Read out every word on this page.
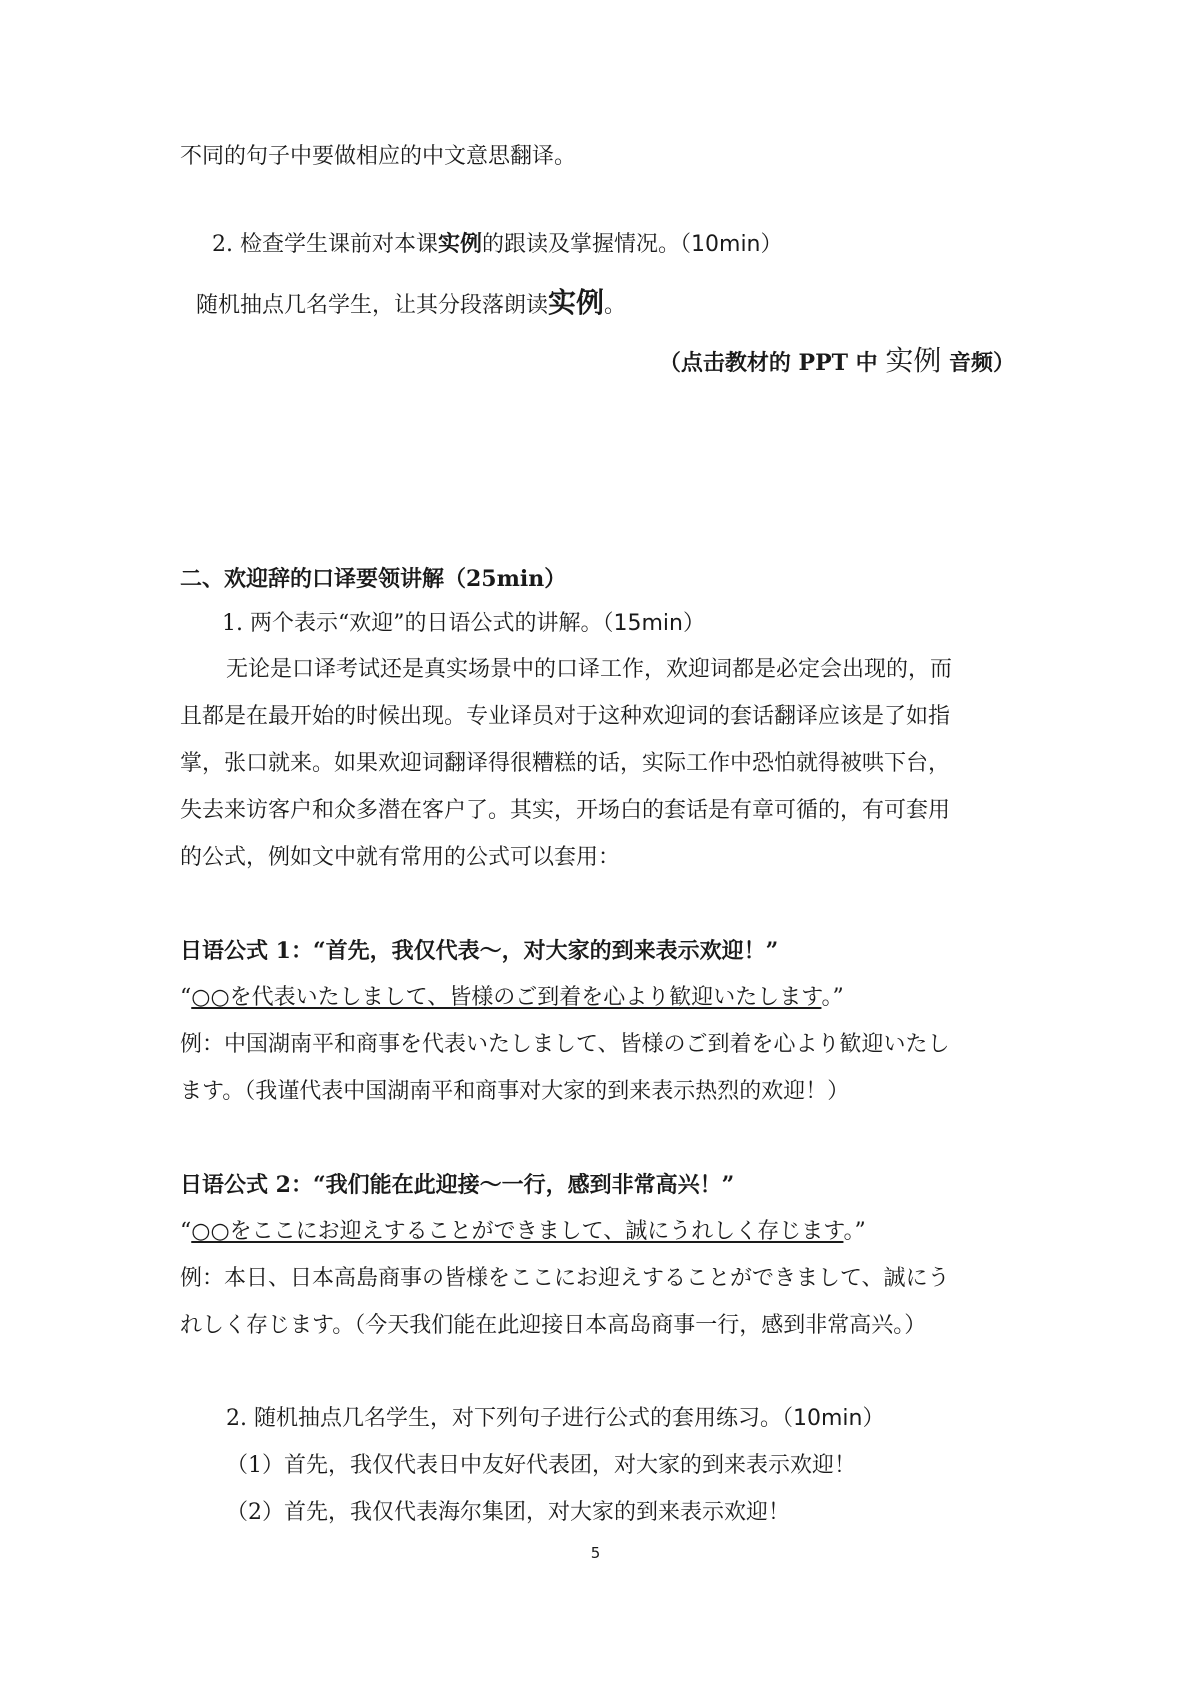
不同的句子中要做相应的中文意思翻译。
2. 检查学生课前对本课实例的跟读及掌握情况。（10min）
随机抽点几名学生，让其分段落朗读实例。
（点击教材的 PPT 中 实例 音频）
二、欢迎辞的口译要领讲解（25min）
1. 两个表示“欢迎”的日语公式的讲解。（15min）
无论是口译考试还是真实场景中的口译工作，欢迎词都是必定会出现的，而
且都是在最开始的时候出现。专业译员对于这种欢迎词的套话翻译应该是了如指
掌，张口就来。如果欢迎词翻译得很糟糕的话，实际工作中恐怕就得被哄下台，
失去来访客户和众多潜在客户了。其实，开场白的套话是有章可循的，有可套用
的公式，例如文中就有常用的公式可以套用：
日语公式 1：“首先，我仅代表～，对大家的到来表示欢迎！”
“○○を代表いたしまして、皆様のご到着を心より歓迎いたします。”
例：中国湖南平和商事を代表いたしまして、皆様のご到着を心より歓迎いたし
ます。（我谨代表中国湖南平和商事对大家的到来表示热烈的欢迎！）
日语公式 2：“我们能在此迎接～一行，感到非常高兴！”
“○○をここにお迎えすることができまして、誠にうれしく存じます。”
例：本日、日本高島商事の皆様をここにお迎えすることができまして、誠にう
れしく存じます。（今天我们能在此迎接日本高岛商事一行，感到非常高兴。）
2. 随机抽点几名学生，对下列句子进行公式的套用练习。（10min）
（1）首先，我仅代表日中友好代表团，对大家的到来表示欢迎！
（2）首先，我仅代表海尔集团，对大家的到来表示欢迎！
5
